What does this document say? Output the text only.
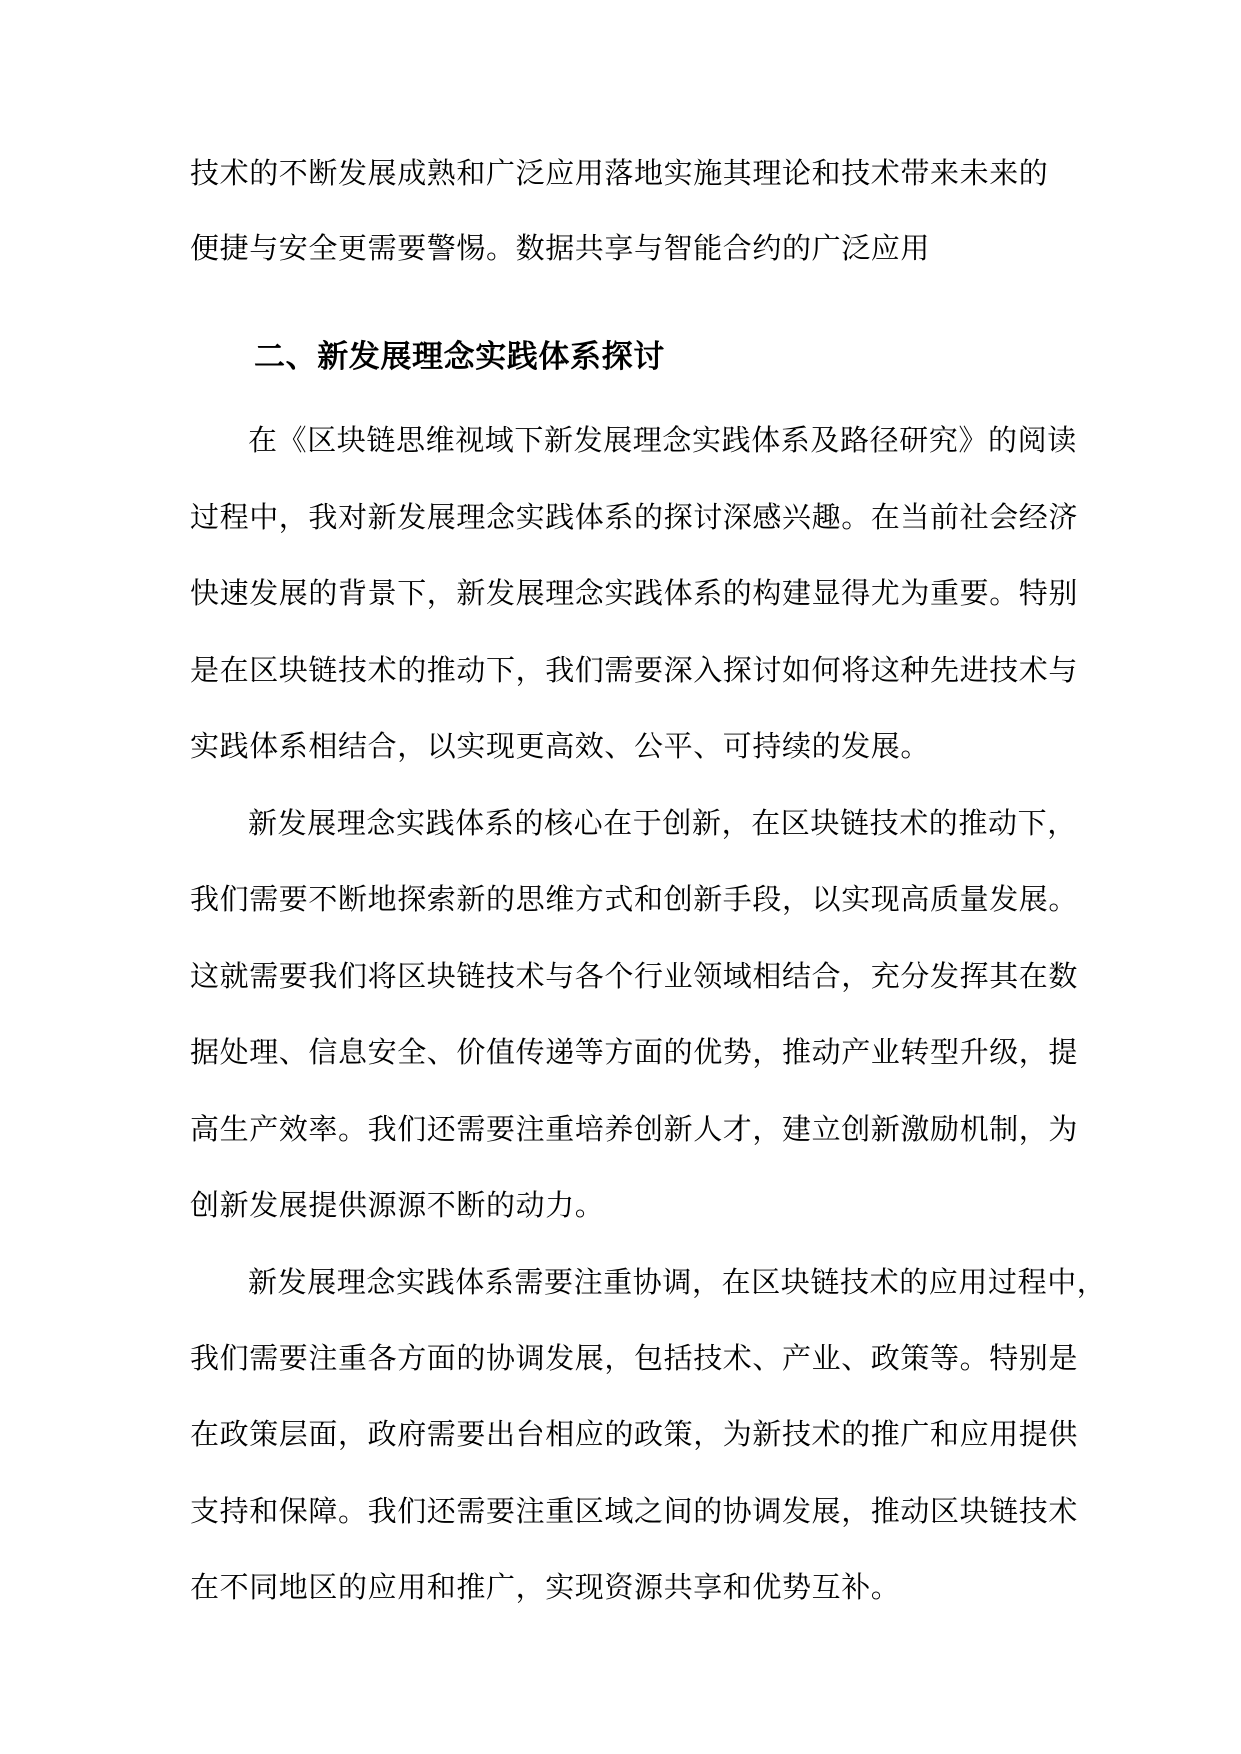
技术的不断发展成熟和广泛应用落地实施其理论和技术带来未来的
便捷与安全更需要警惕。数据共享与智能合约的广泛应用
二、新发展理念实践体系探讨
在《区块链思维视域下新发展理念实践体系及路径研究》的阅读
过程中，我对新发展理念实践体系的探讨深感兴趣。在当前社会经济
快速发展的背景下，新发展理念实践体系的构建显得尤为重要。特别
是在区块链技术的推动下，我们需要深入探讨如何将这种先进技术与
实践体系相结合，以实现更高效、公平、可持续的发展。
新发展理念实践体系的核心在于创新，在区块链技术的推动下，
我们需要不断地探索新的思维方式和创新手段，以实现高质量发展。
这就需要我们将区块链技术与各个行业领域相结合，充分发挥其在数
据处理、信息安全、价值传递等方面的优势，推动产业转型升级，提
高生产效率。我们还需要注重培养创新人才，建立创新激励机制，为
创新发展提供源源不断的动力。
新发展理念实践体系需要注重协调，在区块链技术的应用过程中，
我们需要注重各方面的协调发展，包括技术、产业、政策等。特别是
在政策层面，政府需要出台相应的政策，为新技术的推广和应用提供
支持和保障。我们还需要注重区域之间的协调发展，推动区块链技术
在不同地区的应用和推广，实现资源共享和优势互补。
